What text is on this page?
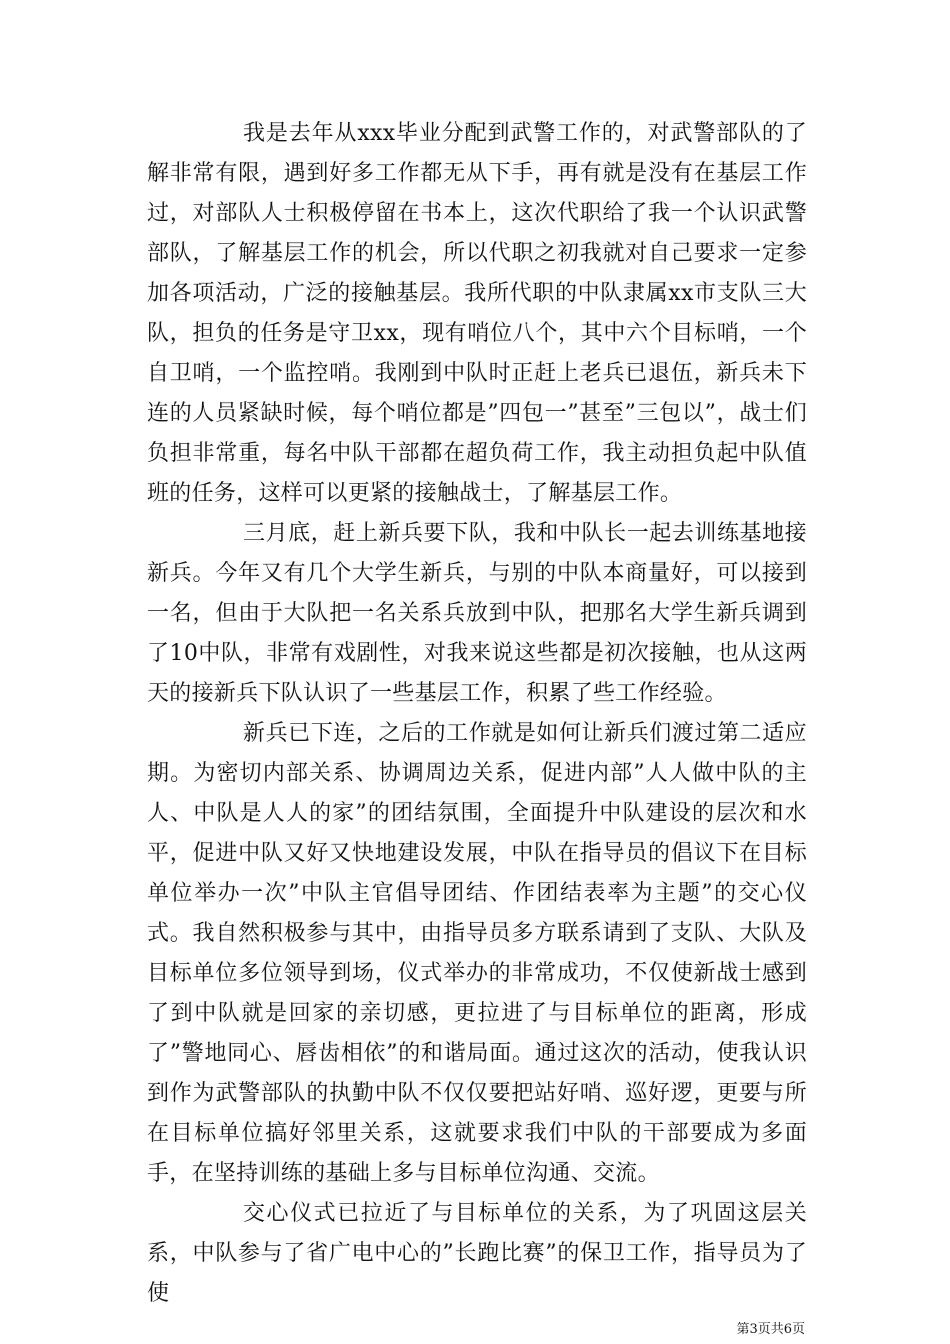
我是去年从xxx毕业分配到武警工作的，对武警部队的了解非常有限，遇到好多工作都无从下手，再有就是没有在基层工作过，对部队人士积极停留在书本上，这次代职给了我一个认识武警部队，了解基层工作的机会，所以代职之初我就对自己要求一定参加各项活动，广泛的接触基层。我所代职的中队隶属xx市支队三大队，担负的任务是守卫xx，现有哨位八个，其中六个目标哨，一个自卫哨，一个监控哨。我刚到中队时正赶上老兵已退伍，新兵未下连的人员紧缺时候，每个哨位都是”四包一”甚至”三包以”，战士们负担非常重，每名中队干部都在超负荷工作，我主动担负起中队值班的任务，这样可以更紧的接触战士，了解基层工作。

三月底，赶上新兵要下队，我和中队长一起去训练基地接新兵。今年又有几个大学生新兵，与别的中队本商量好，可以接到一名，但由于大队把一名关系兵放到中队，把那名大学生新兵调到了10中队，非常有戏剧性，对我来说这些都是初次接触，也从这两天的接新兵下队认识了一些基层工作，积累了些工作经验。

新兵已下连，之后的工作就是如何让新兵们渡过第二适应期。为密切内部关系、协调周边关系，促进内部”人人做中队的主人、中队是人人的家”的团结氛围，全面提升中队建设的层次和水平，促进中队又好又快地建设发展，中队在指导员的倡议下在目标单位举办一次”中队主官倡导团结、作团结表率为主题”的交心仪式。我自然积极参与其中，由指导员多方联系请到了支队、大队及目标单位多位领导到场，仪式举办的非常成功，不仅使新战士感到了到中队就是回家的亲切感，更拉进了与目标单位的距离，形成了”警地同心、唇齿相依”的和谐局面。通过这次的活动，使我认识到作为武警部队的执勤中队不仅仅要把站好哨、巡好逻，更要与所在目标单位搞好邻里关系，这就要求我们中队的干部要成为多面手，在坚持训练的基础上多与目标单位沟通、交流。

交心仪式已拉近了与目标单位的关系，为了巩固这层关系，中队参与了省广电中心的”长跑比赛”的保卫工作，指导员为了使

第3页共6页
